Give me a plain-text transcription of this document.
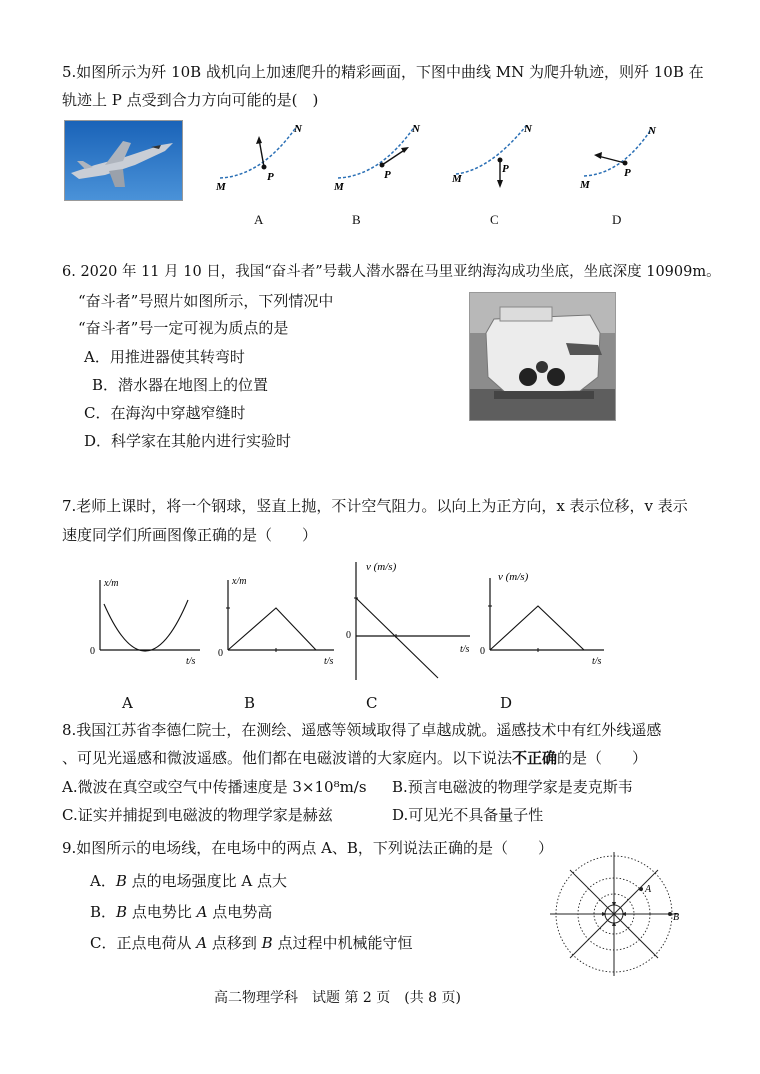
5.如图所示为歼 10B 战机向上加速爬升的精彩画面，下图中曲线 MN 为爬升轨迹，则歼 10B 在
轨迹上 P 点受到合力方向可能的是(　)
M
N
P
M
N
P	M
N
P
M
N
P
A	B	C	D
6. 2020 年 11 月 10 日，我国“奋斗者”号载人潜水器在马里亚纳海沟成功坐底，坐底深度 10909m。
“奋斗者”号照片如图所示，下列情况中
“奋斗者”号一定可视为质点的是
A．用推进器使其转弯时
B．潜水器在地图上的位置
C．在海沟中穿越窄缝时
D．科学家在其舱内进行实验时
7.老师上课时，将一个钢球，竖直上抛，不计空气阻力。以向上为正方向，x 表示位移，v 表示
速度同学们所画图像正确的是（　　）
x/m
t/s
0
x/m
t/s
0
v (m/s)
t/s
0
v (m/s)
t/s
0
A	B	C	D
8.我国江苏省李德仁院士，在测绘、遥感等领域取得了卓越成就。遥感技术中有红外线遥感
、可见光遥感和微波遥感。他们都在电磁波谱的大家庭内。以下说法不正确的是（　　）
A.微波在真空或空气中传播速度是 3×10⁸m/s B.预言电磁波的物理学家是麦克斯韦
C.证实并捕捉到电磁波的物理学家是赫兹	D.可见光不具备量子性
9.如图所示的电场线，在电场中的两点 A、B，下列说法正确的是（　　）
A．B 点的电场强度比 A 点大
B．B 点电势比 A 点电势高
C．正点电荷从 A 点移到 B 点过程中机械能守恒
A
B
高二物理学科　试题 第 2 页　(共 8 页)
